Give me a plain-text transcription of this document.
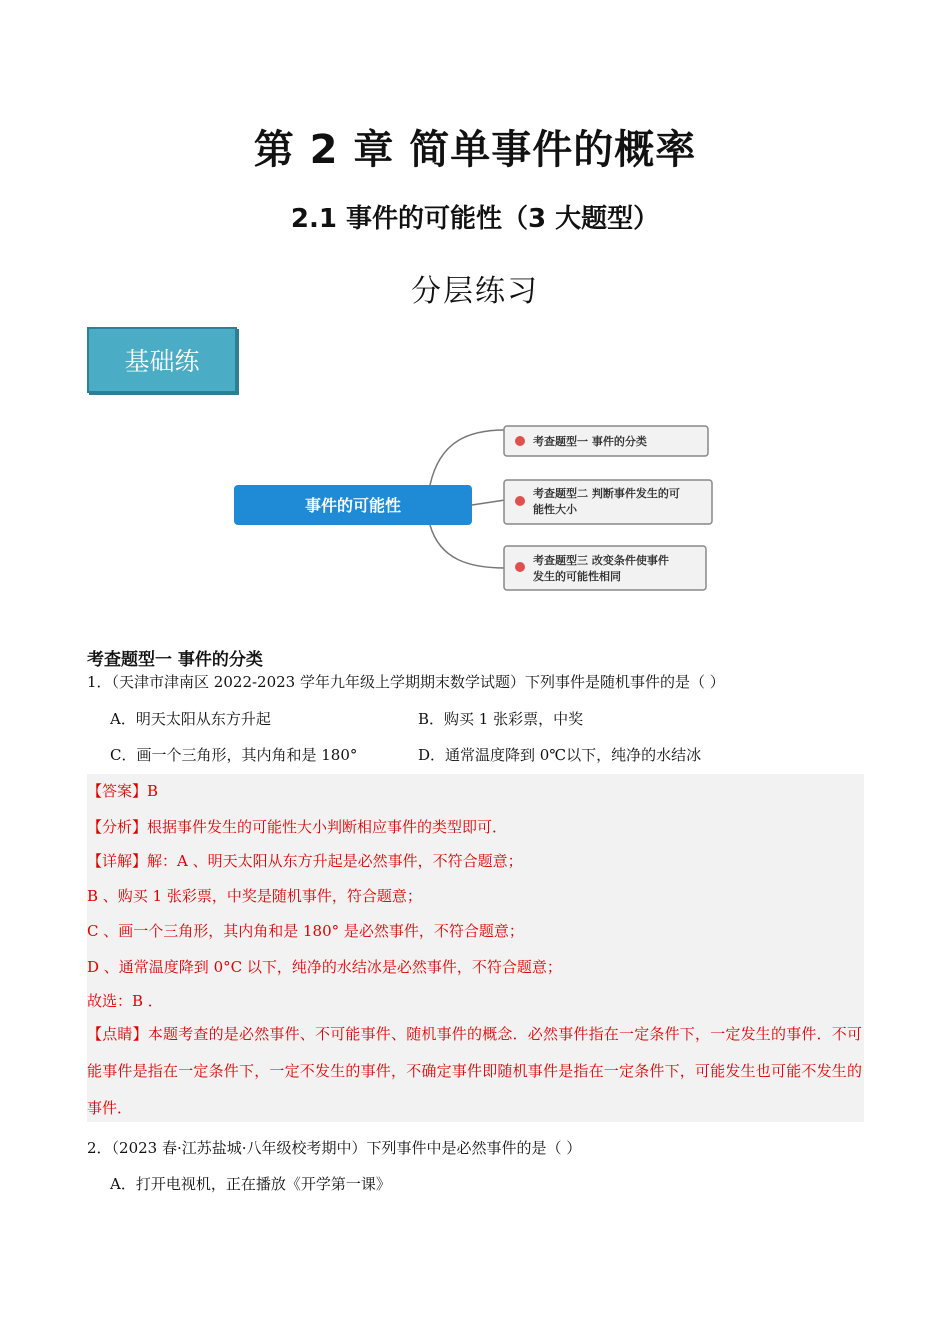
第 2 章 简单事件的概率
2.1 事件的可能性（3 大题型）
分层练习
基础练
事件的可能性
考查题型一 事件的分类
考查题型二 判断事件发生的可
能性大小
考查题型三 改变条件使事件
发生的可能性相同
考查题型一 事件的分类
1．（天津市津南区 2022-2023 学年九年级上学期期末数学试题）下列事件是随机事件的是（ ）
A．明天太阳从东方升起	B．购买 1 张彩票，中奖
C．画一个三角形，其内角和是 180°	D．通常温度降到 0℃以下，纯净的水结冰
【答案】B
【分析】根据事件发生的可能性大小判断相应事件的类型即可．
【详解】解：A 、明天太阳从东方升起是必然事件，不符合题意；
B 、购买 1 张彩票，中奖是随机事件，符合题意；
C 、画一个三角形，其内角和是 180° 是必然事件，不符合题意；
D 、通常温度降到 0°C 以下，纯净的水结冰是必然事件，不符合题意；
故选：B ．
【点睛】本题考查的是必然事件、不可能事件、随机事件的概念．必然事件指在一定条件下，一定发生的事件．不可能事件是指在一定条件下，一定不发生的事件，不确定事件即随机事件是指在一定条件下，可能发生也可能不发生的事件．
2．（2023 春·江苏盐城·八年级校考期中）下列事件中是必然事件的是（ ）
A．打开电视机，正在播放《开学第一课》
